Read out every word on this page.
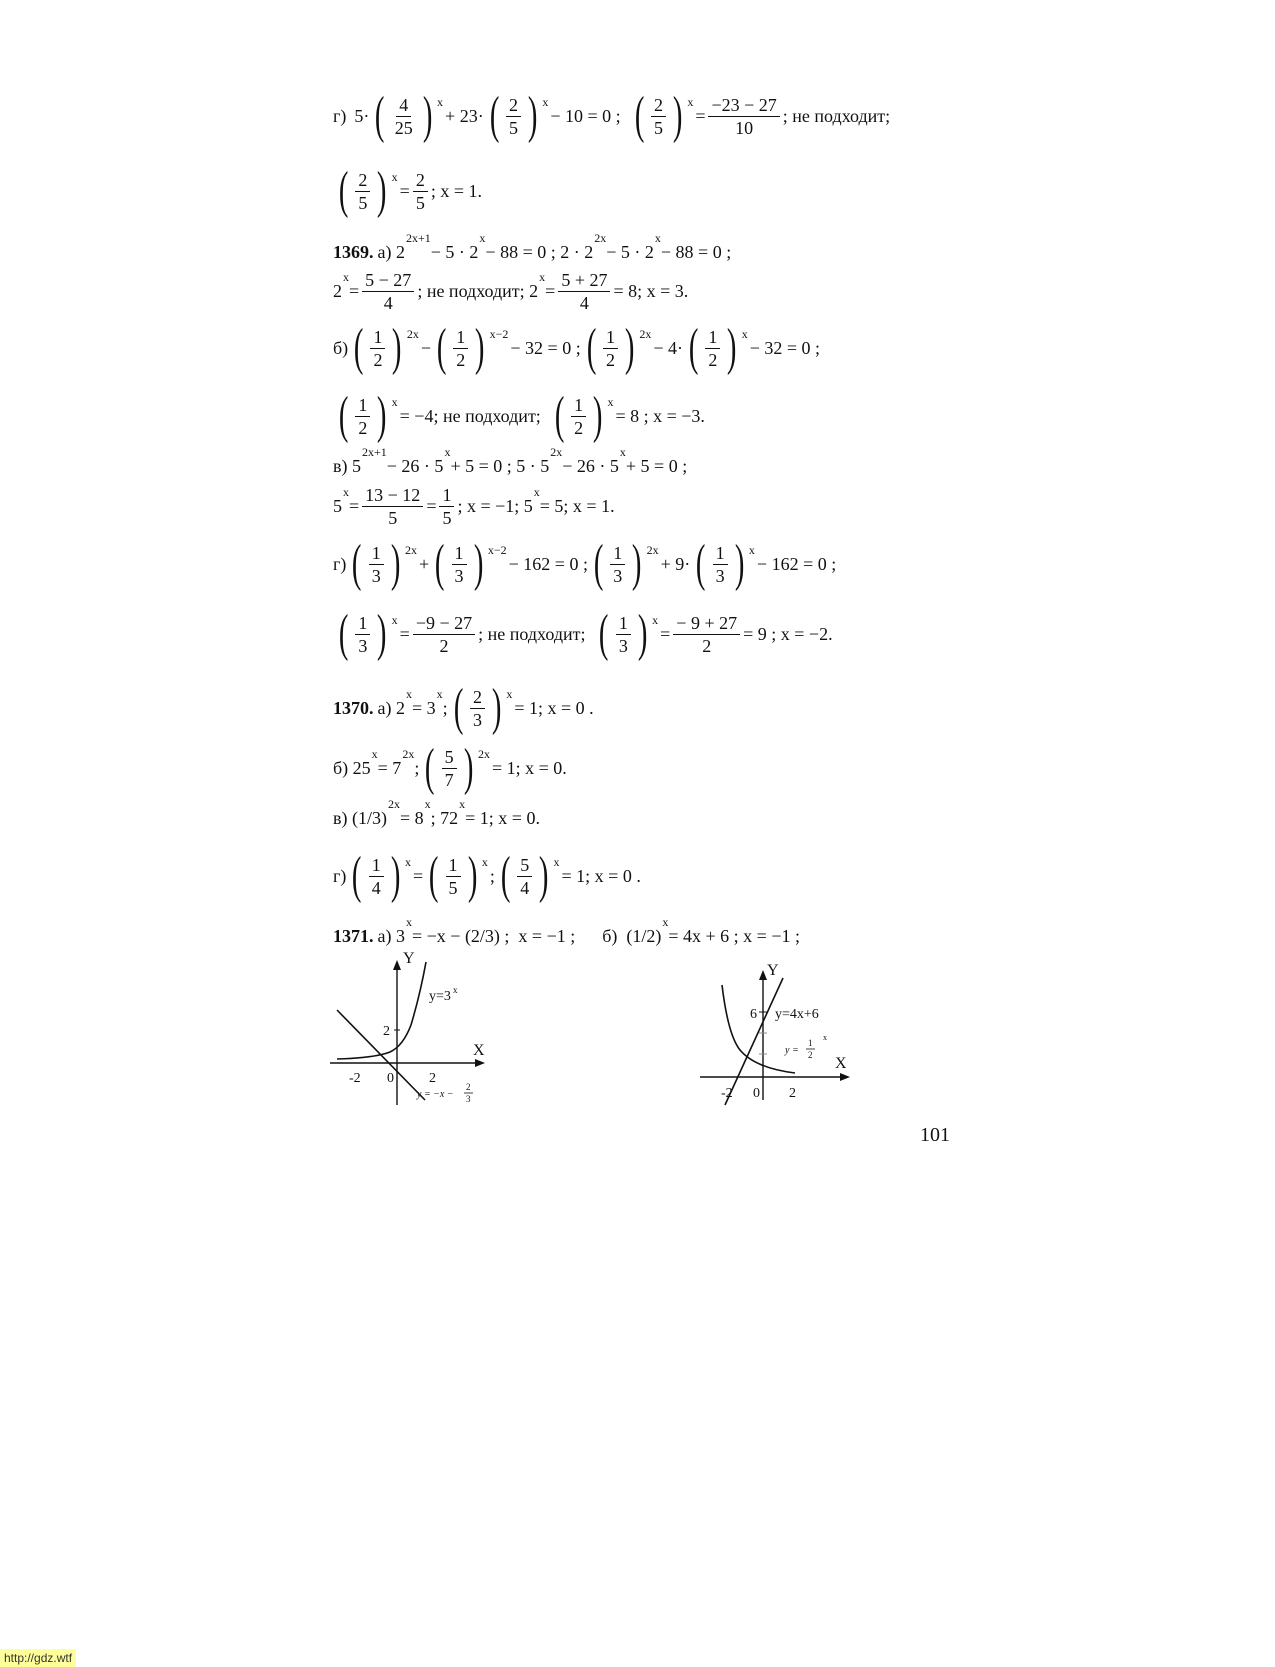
г) 5· ( $\frac{4}{25}$ ) $^x$
+ 23· ( $\frac{2}{5}$ ) $^x$
− 10 = 0 ; ( $\frac{2}{5}$ ) $^x$
= $\frac{-23 - 27}{10}$ ; не подходит;
( $\frac{2}{5}$ ) $^x$
= $\frac{2}{5}$ ; x = 1.
1369. а) 2
$^{2x+1}$
− 5 · 2
$^x$
− 88 = 0 ; 2 · 2
$^{2x}$
− 5 · 2
$^x$
− 88 = 0 ;
2
$^x$
= $\frac{5 - 27}{4}$ ; не подходит; 2
$^x$
= $\frac{5 + 27}{4} = 8$; x = 3.
б) ( $\frac{1}{2}$ ) $^{2x}$
− ( $\frac{1}{2}$ ) $^{x-2}$
− 32 = 0 ; ( $\frac{1}{2}$ ) $^{2x}$
− 4· ( $\frac{1}{2}$ ) $^x$
− 32 = 0 ;
( $\frac{1}{2}$ ) $^x$
= −4; не подходит; ( $\frac{1}{2}$ ) $^x$
= 8 ; x = −3.
в) 5
$^{2x+1}$
− 26 · 5
$^x$
+ 5 = 0 ; 5 · 5
$^{2x}$
− 26 · 5
$^x$
+ 5 = 0 ;
5
$^x$
= $\frac{13 - 12}{5} = \frac{1}{5}$ ; x = −1; 5
$^x$
= 5; x = 1.
г) ( $\frac{1}{3}$ ) $^{2x}$
+ ( $\frac{1}{3}$ ) $^{x-2}$
− 162 = 0 ; ( $\frac{1}{3}$ ) $^{2x}$
+ 9· ( $\frac{1}{3}$ ) $^x$
− 162 = 0 ;
( $\frac{1}{3}$ ) $^x$
= $\frac{-9 - 27}{2}$ ; не подходит; ( $\frac{1}{3}$ ) $^x$
= $\frac{- 9 + 27}{2} = 9$ ; x = −2.
1370. а) 2
$^x$
= 3
$^x$
; ( $\frac{2}{3}$ ) $^x$
= 1; x = 0 .
б) 25
$^x$
= 7
$^{2x}$
; ( $\frac{5}{7}$ ) $^{2x}$
= 1; x = 0.
в) (1/3)
$^{2x}$
= 8
$^x$
; 72
$^x$
= 1; x = 0.
г) ( $\frac{1}{4}$ ) $^x$
= ( $\frac{1}{5}$ ) $^x$
; ( $\frac{5}{4}$ ) $^x$
= 1; x = 0 .
1371. а) 3
$^x$
= −x − (2/3) ;  x = −1 ;      б)  (1/2)
$^x$
= 4x + 6 ; x = −1 ;
Y
X
y=3 x
2
-2 0	2
y = −x −
2
3
Y
X
6 y=4x+6
y =
1
2
x
-2 0 2
101
http://gdz.wtf
